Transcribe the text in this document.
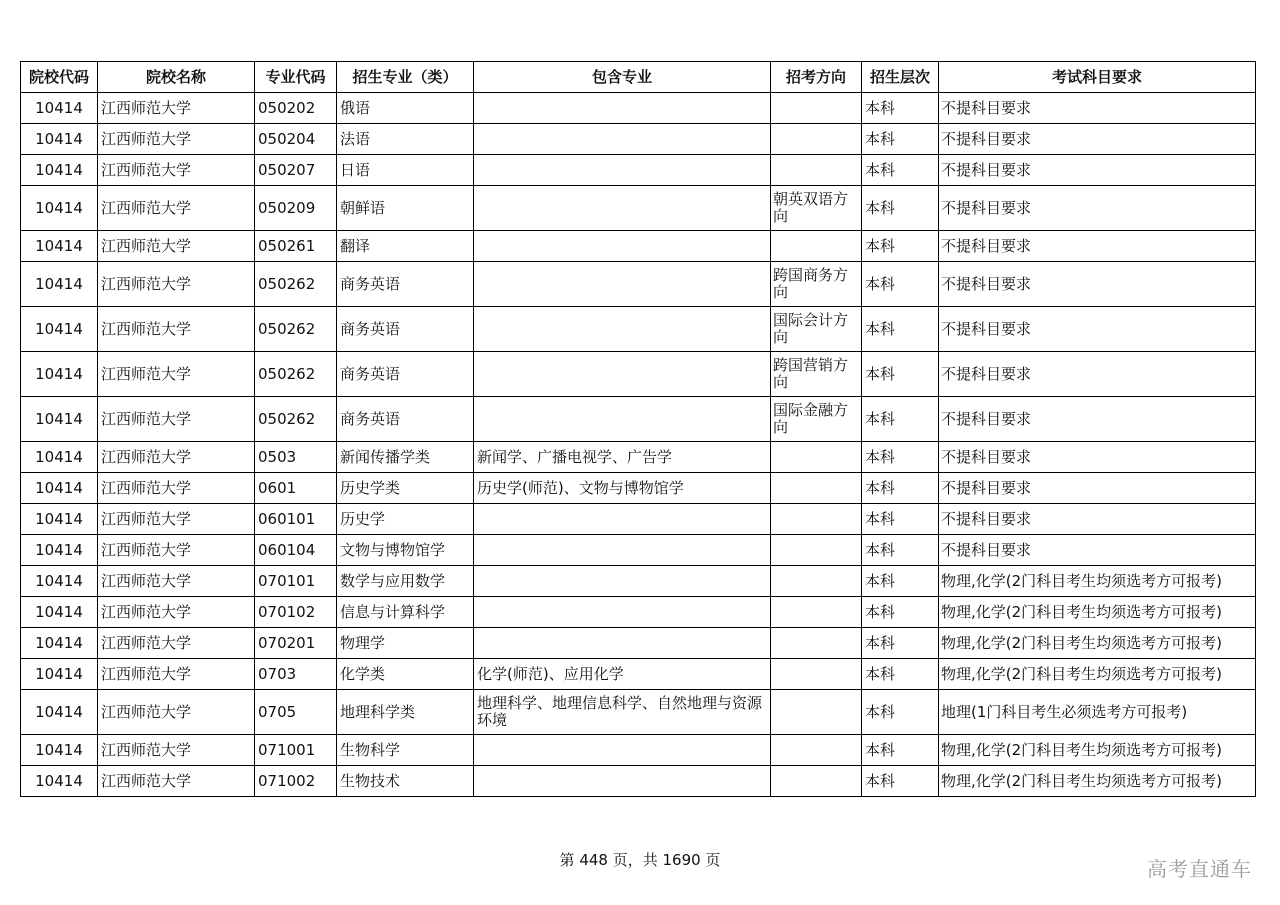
院校代码	院校名称	专业代码	招生专业（类）	包含专业	招考方向	招生层次	考试科目要求
10414	江西师范大学	050202	俄语			本科	不提科目要求
10414	江西师范大学	050204	法语			本科	不提科目要求
10414	江西师范大学	050207	日语			本科	不提科目要求
10414	江西师范大学	050209	朝鲜语		朝英双语方向	本科	不提科目要求
10414	江西师范大学	050261	翻译			本科	不提科目要求
10414	江西师范大学	050262	商务英语		跨国商务方向	本科	不提科目要求
10414	江西师范大学	050262	商务英语		国际会计方向	本科	不提科目要求
10414	江西师范大学	050262	商务英语		跨国营销方向	本科	不提科目要求
10414	江西师范大学	050262	商务英语		国际金融方向	本科	不提科目要求
10414	江西师范大学	0503	新闻传播学类	新闻学、广播电视学、广告学		本科	不提科目要求
10414	江西师范大学	0601	历史学类	历史学(师范)、文物与博物馆学		本科	不提科目要求
10414	江西师范大学	060101	历史学			本科	不提科目要求
10414	江西师范大学	060104	文物与博物馆学			本科	不提科目要求
10414	江西师范大学	070101	数学与应用数学			本科	物理,化学(2门科目考生均须选考方可报考)
10414	江西师范大学	070102	信息与计算科学			本科	物理,化学(2门科目考生均须选考方可报考)
10414	江西师范大学	070201	物理学			本科	物理,化学(2门科目考生均须选考方可报考)
10414	江西师范大学	0703	化学类	化学(师范)、应用化学		本科	物理,化学(2门科目考生均须选考方可报考)
10414	江西师范大学	0705	地理科学类	地理科学、地理信息科学、自然地理与资源环境		本科	地理(1门科目考生必须选考方可报考)
10414	江西师范大学	071001	生物科学			本科	物理,化学(2门科目考生均须选考方可报考)
10414	江西师范大学	071002	生物技术			本科	物理,化学(2门科目考生均须选考方可报考)
第 448 页，共 1690 页	高考直通车
